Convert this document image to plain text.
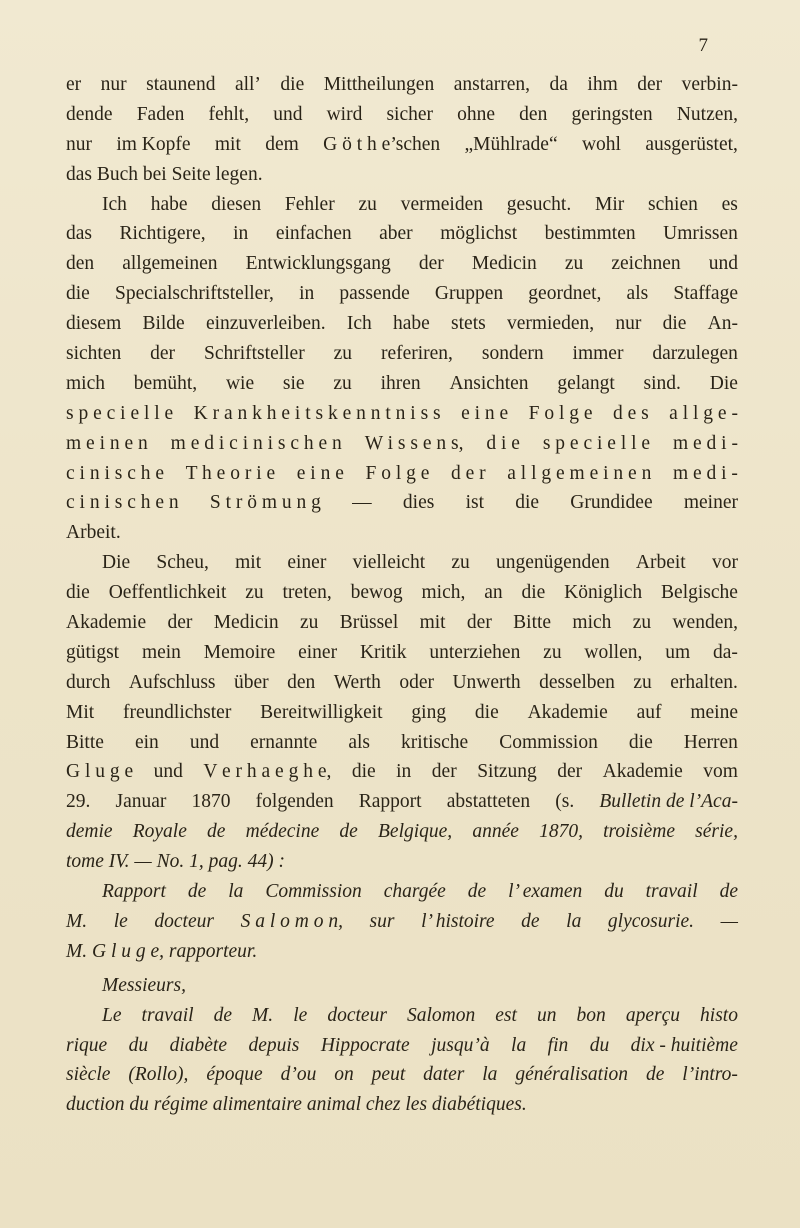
7
er nur staunend all’ die Mittheilungen anstarren, da ihm der verbin-
dende Faden fehlt, und wird sicher ohne den geringsten Nutzen,
nur im Kopfe mit dem G ö t h e’schen „Mühlrade“ wohl ausgerüstet,
das Buch bei Seite legen.
Ich habe diesen Fehler zu vermeiden gesucht. Mir schien es
das Richtigere, in einfachen aber möglichst bestimmten Umrissen
den allgemeinen Entwicklungsgang der Medicin zu zeichnen und
die Specialschriftsteller, in passende Gruppen geordnet, als Staffage
diesem Bilde einzuverleiben. Ich habe stets vermieden, nur die An-
sichten der Schriftsteller zu referiren, sondern immer darzulegen
mich bemüht, wie sie zu ihren Ansichten gelangt sind. Die
s p e c i e l l e K r a n k h e i t s k e n n t n i s s e i n e F o l g e d e s a l l g e -
m e i n e n m e d i c i n i s c h e n W i s s e n s, d i e s p e c i e l l e m e d i -
c i n i s c h e T h e o r i e e i n e F o l g e d e r a l l g e m e i n e n m e d i -
c i n i s c h e n S t r ö m u n g — dies ist die Grundidee meiner
Arbeit.
Die Scheu, mit einer vielleicht zu ungenügenden Arbeit vor
die Oeffentlichkeit zu treten, bewog mich, an die Königlich Belgische
Akademie der Medicin zu Brüssel mit der Bitte mich zu wenden,
gütigst mein Memoire einer Kritik unterziehen zu wollen, um da-
durch Aufschluss über den Werth oder Unwerth desselben zu erhalten.
Mit freundlichster Bereitwilligkeit ging die Akademie auf meine
Bitte ein und ernannte als kritische Commission die Herren
G l u g e und V e r h a e g h e, die in der Sitzung der Akademie vom
29. Januar 1870 folgenden Rapport abstatteten (s. Bulletin de l’Aca-
demie Royale de médecine de Belgique, année 1870, troisième série,
tome IV. — No. 1, pag. 44) :
Rapport de la Commission chargée de l’ examen du travail de
M. le docteur S a l o m o n, sur l’ histoire de la glycosurie. —
M. G l u g e, rapporteur.
Messieurs,
Le travail de M. le docteur Salomon est un bon aperçu histo
rique du diabète depuis Hippocrate jusqu’à la fin du dix - huitième
siècle (Rollo), époque d’ou on peut dater la généralisation de l’intro-
duction du régime alimentaire animal chez les diabétiques.
